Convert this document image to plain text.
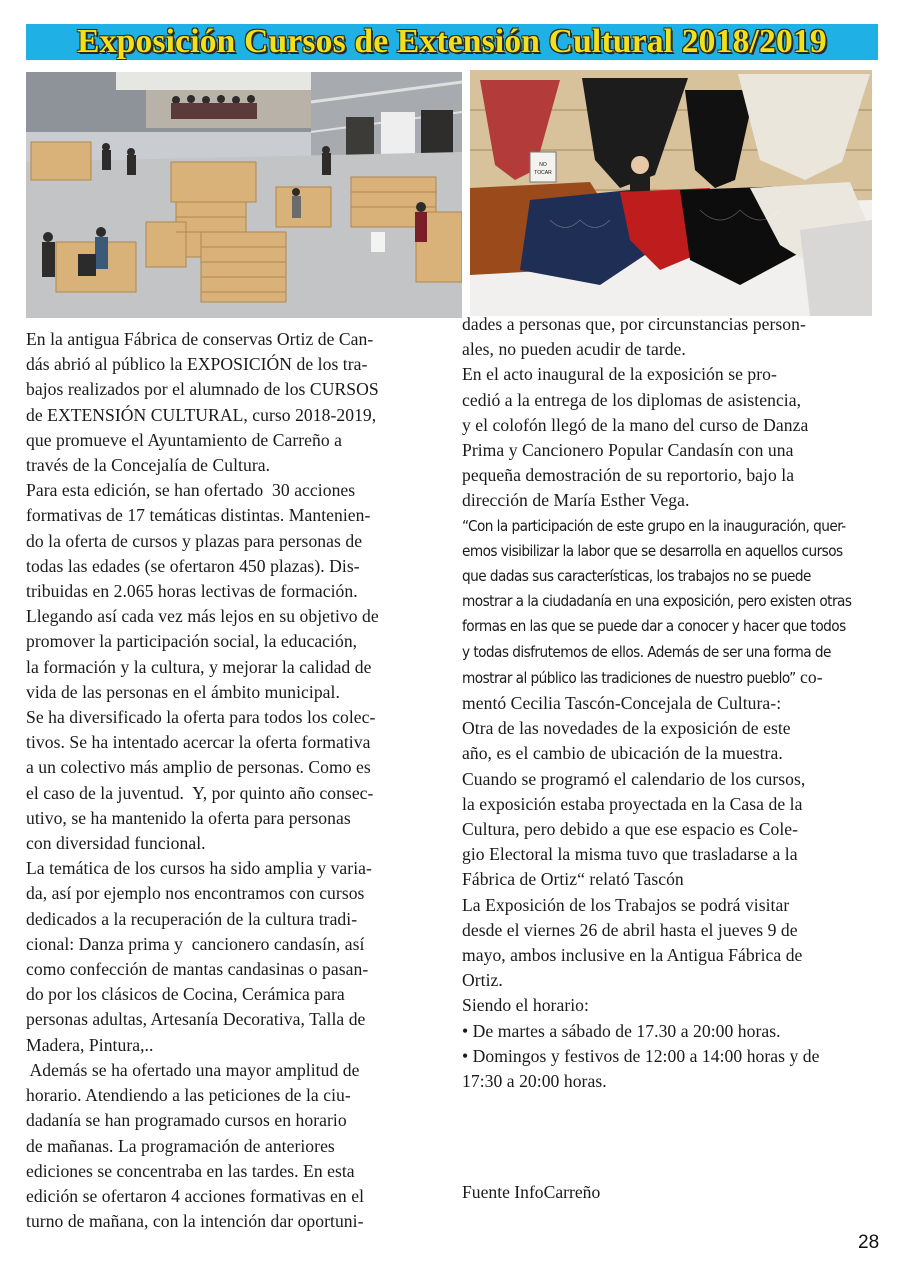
Exposición Cursos de Extensión Cultural 2018/2019
NO
TOCAR

En la antigua Fábrica de conservas Ortiz de Can-

dás abrió al público la EXPOSICIÓN de los tra-

bajos realizados por el alumnado de los CURSOS

de EXTENSIÓN CULTURAL, curso 2018-2019,

que promueve el Ayuntamiento de Carreño a

través de la Concejalía de Cultura.

Para esta edición, se han ofertado  30 acciones

formativas de 17 temáticas distintas. Mantenien-

do la oferta de cursos y plazas para personas de

todas las edades (se ofertaron 450 plazas). Dis-

tribuidas en 2.065 horas lectivas de formación.

Llegando así cada vez más lejos en su objetivo de

promover la participación social, la educación,

la formación y la cultura, y mejorar la calidad de

vida de las personas en el ámbito municipal.

Se ha diversificado la oferta para todos los colec-

tivos. Se ha intentado acercar la oferta formativa

a un colectivo más amplio de personas. Como es

el caso de la juventud.  Y, por quinto año consec-

utivo, se ha mantenido la oferta para personas

con diversidad funcional.

La temática de los cursos ha sido amplia y varia-

da, así por ejemplo nos encontramos con cursos

dedicados a la recuperación de la cultura tradi-

cional: Danza prima y  cancionero candasín, así

como confección de mantas candasinas o pasan-

do por los clásicos de Cocina, Cerámica para

personas adultas, Artesanía Decorativa, Talla de

Madera, Pintura,..

Además se ha ofertado una mayor amplitud de

horario. Atendiendo a las peticiones de la ciu-

dadanía se han programado cursos en horario

de mañanas. La programación de anteriores

ediciones se concentraba en las tardes. En esta

edición se ofertaron 4 acciones formativas en el

turno de mañana, con la intención dar oportuni-

dades a personas que, por circunstancias person-

ales, no pueden acudir de tarde.

En el acto inaugural de la exposición se pro-

cedió a la entrega de los diplomas de asistencia,

y el colofón llegó de la mano del curso de Danza

Prima y Cancionero Popular Candasín con una

pequeña demostración de su reportorio, bajo la

dirección de María Esther Vega.

“Con la participación de este grupo en la inauguración, quer-

emos visibilizar la labor que se desarrolla en aquellos cursos

que dadas sus características, los trabajos no se puede

mostrar a la ciudadanía en una exposición, pero existen otras

formas en las que se puede dar a conocer y hacer que todos

y todas disfrutemos de ellos. Además de ser una forma de

mostrar al público las tradiciones de nuestro pueblo” co-

mentó Cecilia Tascón-Concejala de Cultura-:

Otra de las novedades de la exposición de este

año, es el cambio de ubicación de la muestra.

Cuando se programó el calendario de los cursos,

la exposición estaba proyectada en la Casa de la

Cultura, pero debido a que ese espacio es Cole-

gio Electoral la misma tuvo que trasladarse a la

Fábrica de Ortiz“ relató Tascón

La Exposición de los Trabajos se podrá visitar

desde el viernes 26 de abril hasta el jueves 9 de

mayo, ambos inclusive en la Antigua Fábrica de

Ortiz.

Siendo el horario:

• De martes a sábado de 17.30 a 20:00 horas.

• Domingos y festivos de 12:00 a 14:00 horas y de

17:30 a 20:00 horas.

Fuente InfoCarreño
28
